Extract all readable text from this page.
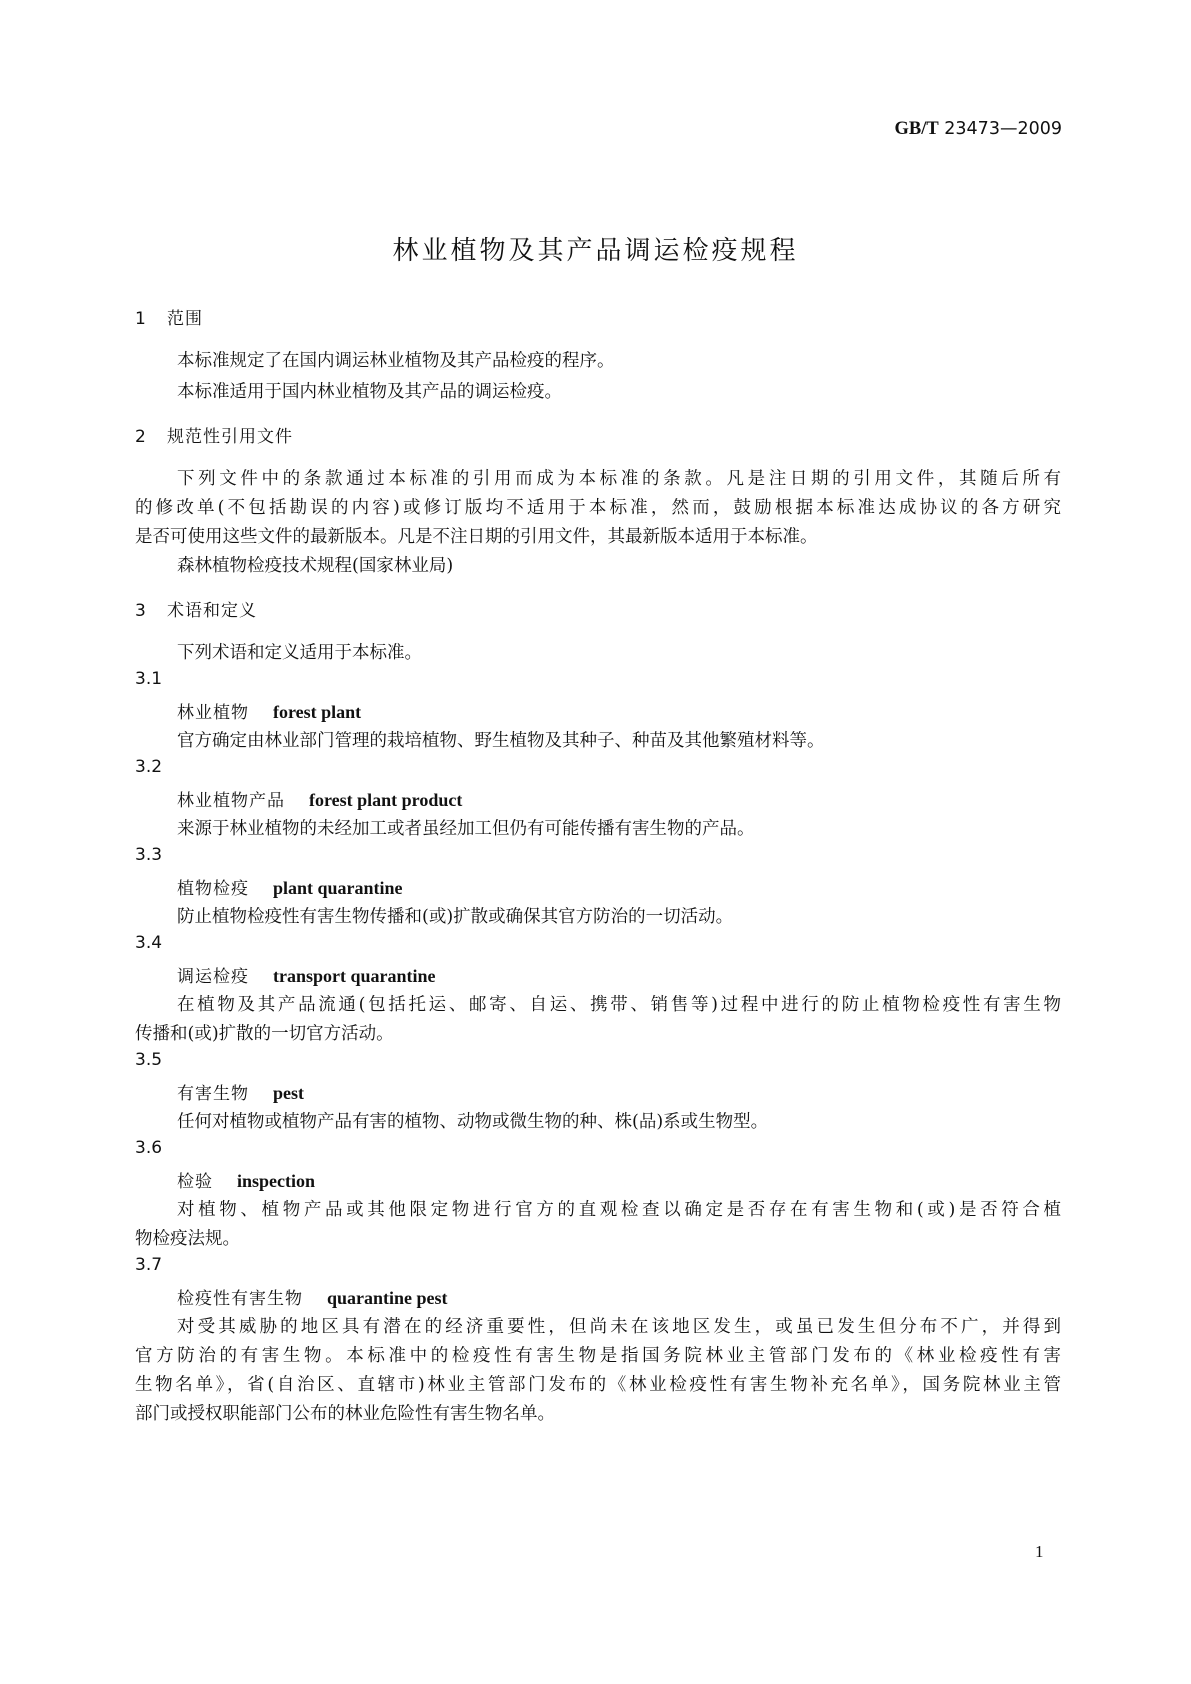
GB/T 23473—2009
林业植物及其产品调运检疫规程
1 范围
本标准规定了在国内调运林业植物及其产品检疫的程序。
本标准适用于国内林业植物及其产品的调运检疫。
2 规范性引用文件
下列文件中的条款通过本标准的引用而成为本标准的条款。凡是注日期的引用文件，其随后所有
的修改单(不包括勘误的内容)或修订版均不适用于本标准，然而，鼓励根据本标准达成协议的各方研究
是否可使用这些文件的最新版本。凡是不注日期的引用文件，其最新版本适用于本标准。
森林植物检疫技术规程(国家林业局)
3 术语和定义
下列术语和定义适用于本标准。
3.1
林业植物 forest plant
官方确定由林业部门管理的栽培植物、野生植物及其种子、种苗及其他繁殖材料等。
3.2
林业植物产品 forest plant product
来源于林业植物的未经加工或者虽经加工但仍有可能传播有害生物的产品。
3.3
植物检疫 plant quarantine
防止植物检疫性有害生物传播和(或)扩散或确保其官方防治的一切活动。
3.4
调运检疫 transport quarantine
在植物及其产品流通(包括托运、邮寄、自运、携带、销售等)过程中进行的防止植物检疫性有害生物
传播和(或)扩散的一切官方活动。
3.5
有害生物 pest
任何对植物或植物产品有害的植物、动物或微生物的种、株(品)系或生物型。
3.6
检验 inspection
对植物、植物产品或其他限定物进行官方的直观检查以确定是否存在有害生物和(或)是否符合植
物检疫法规。
3.7
检疫性有害生物 quarantine pest
对受其威胁的地区具有潜在的经济重要性，但尚未在该地区发生，或虽已发生但分布不广，并得到
官方防治的有害生物。本标准中的检疫性有害生物是指国务院林业主管部门发布的《林业检疫性有害
生物名单》，省(自治区、直辖市)林业主管部门发布的《林业检疫性有害生物补充名单》，国务院林业主管
部门或授权职能部门公布的林业危险性有害生物名单。
1
